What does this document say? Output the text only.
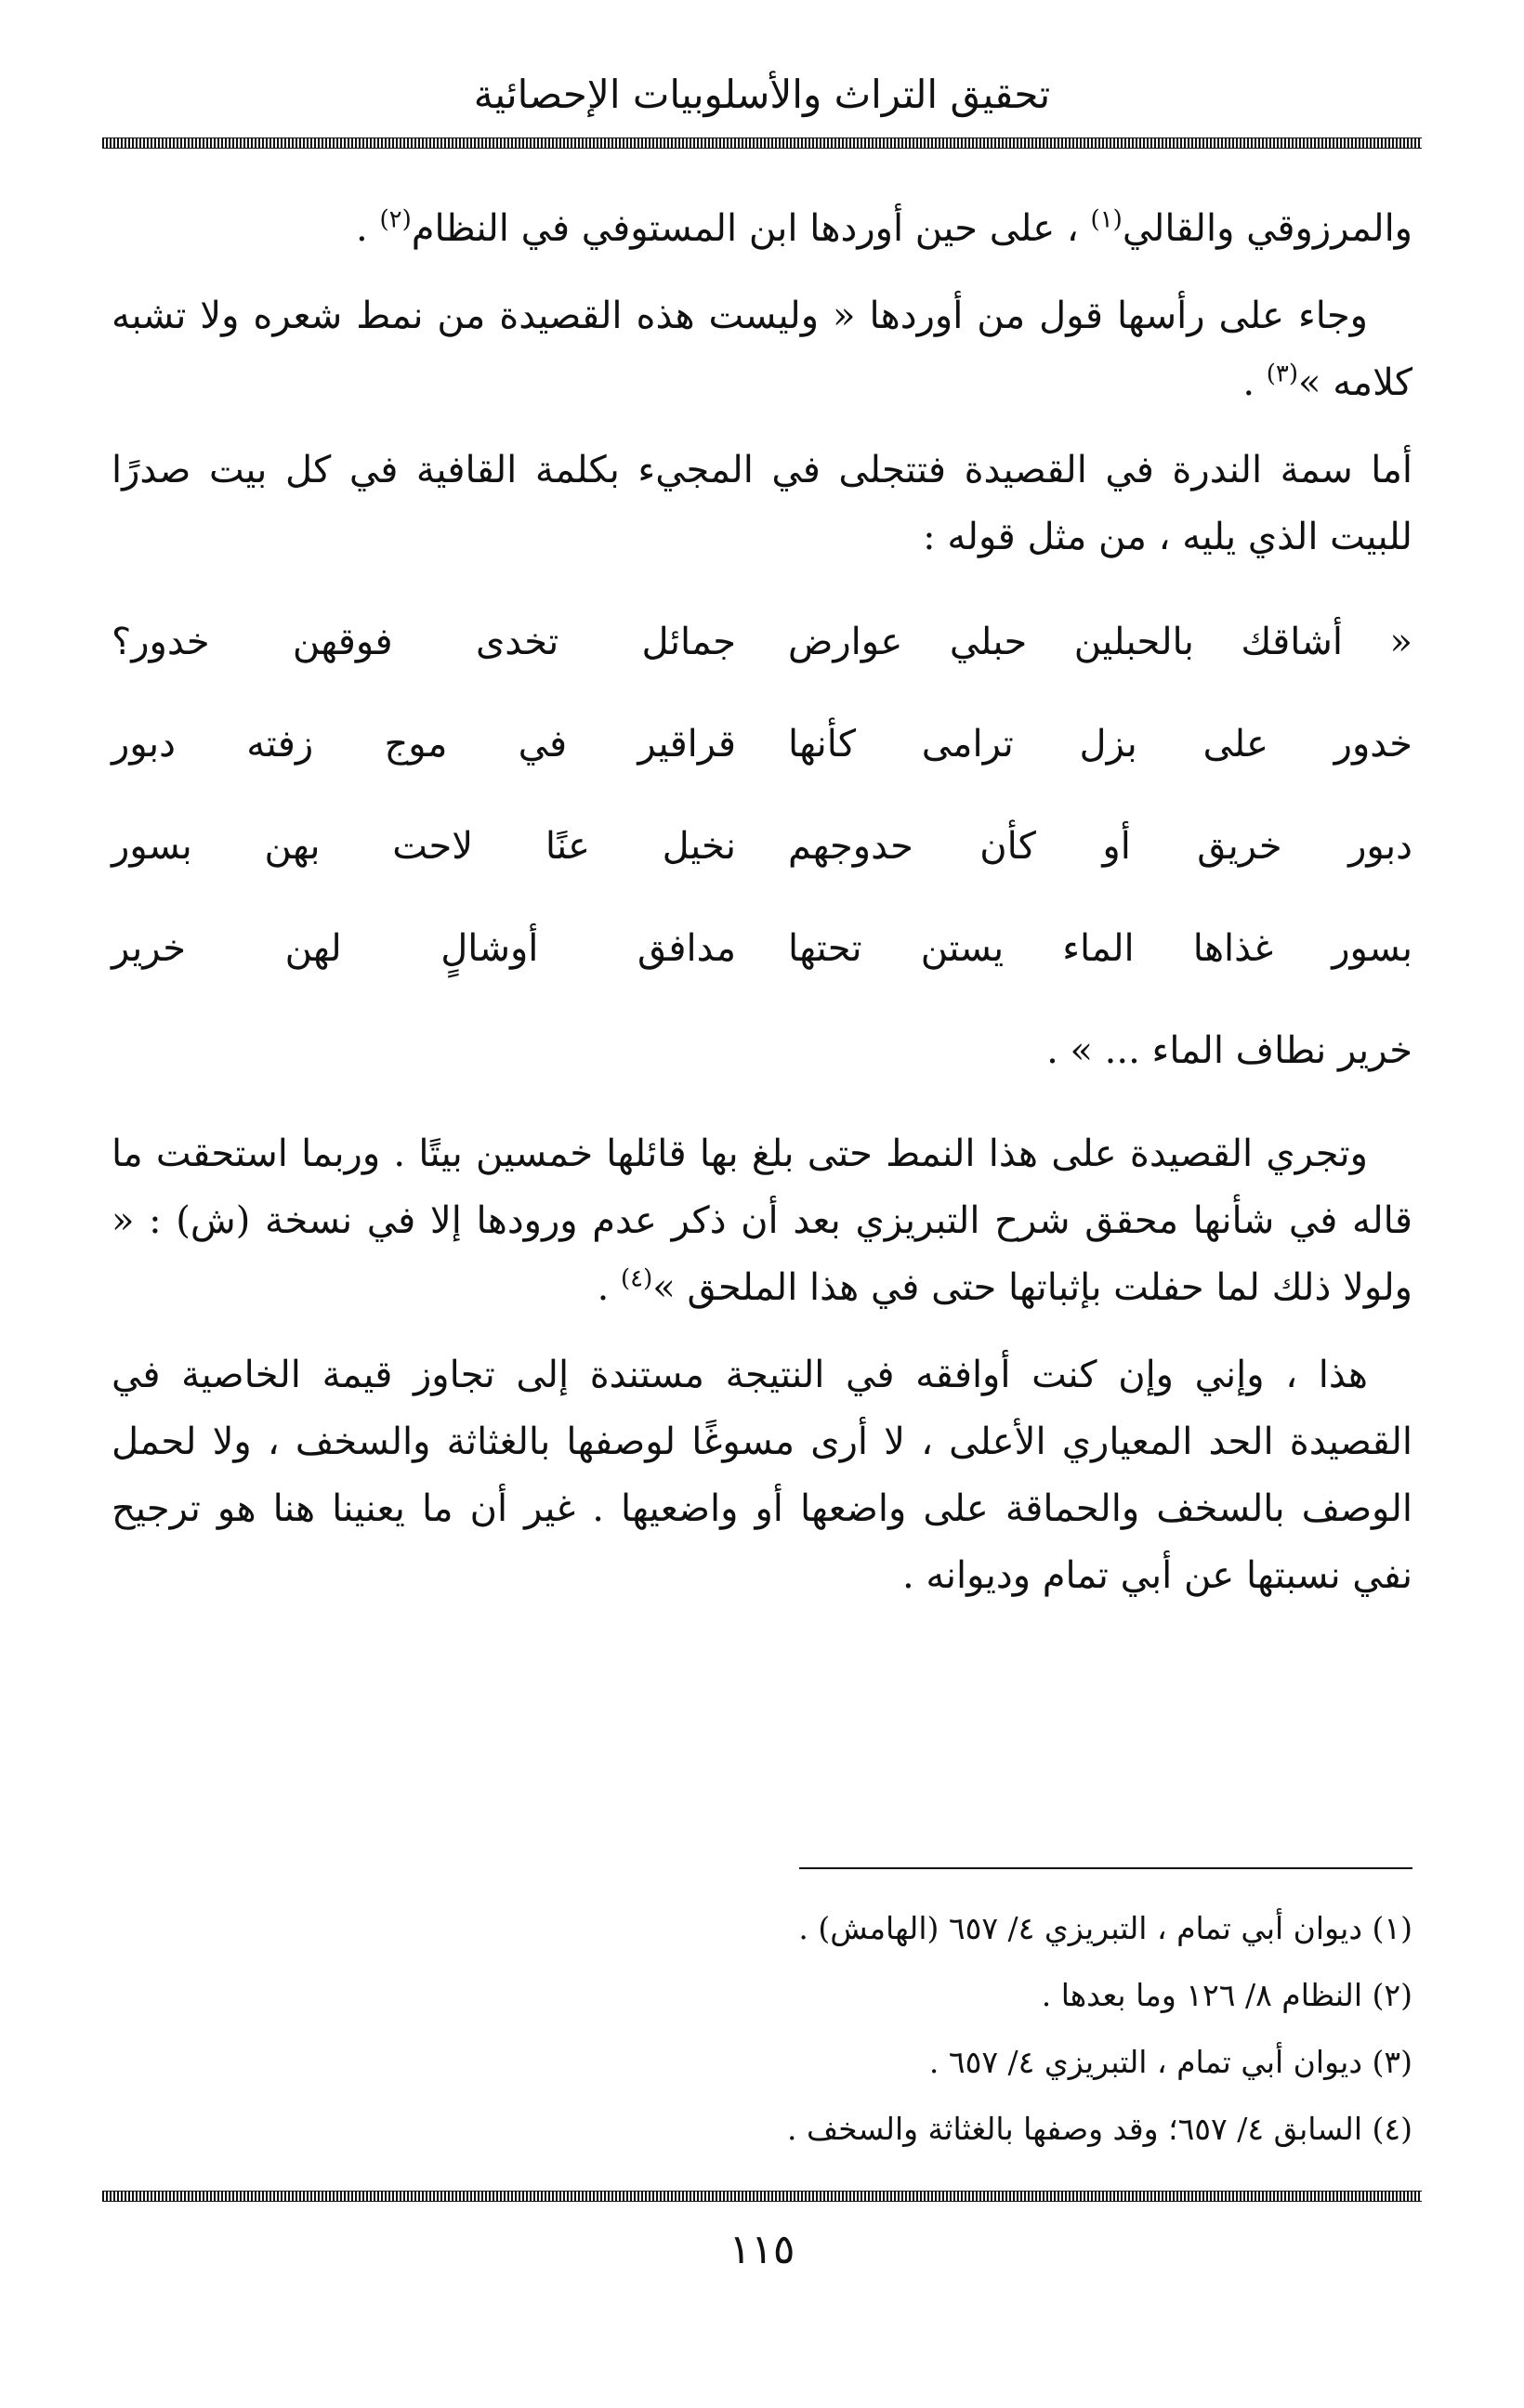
تحقيق التراث والأسلوبيات الإحصائية

والمرزوقي والقالي$^{(١)}$ ، على حين أوردها ابن المستوفي في النظام$^{(٢)}$ .

وجاء على رأسها قول من أوردها « وليست هذه القصيدة من نمط شعره ولا تشبه كلامه »$^{(٣)}$ .

أما سمة الندرة في القصيدة فتتجلى في المجيء بكلمة القافية في كل بيت صدرًا للبيت الذي يليه ، من مثل قوله :

« أشاقك بالحبلين حبلي عوارض
جمائل تخدى فوقهن خدور؟
خدور على بزل ترامى كأنها
قراقير في موج زفته دبور
دبور خريق أو كأن حدوجهم
نخيل عنًا لاحت بهن بسور
بسور غذاها الماء يستن تحتها
مدافق أوشالٍ لهن خرير
خرير نطاف الماء ... » .

وتجري القصيدة على هذا النمط حتى بلغ بها قائلها خمسين بيتًا . وربما استحقت ما قاله في شأنها محقق شرح التبريزي بعد أن ذكر عدم ورودها إلا في نسخة (ش) : « ولولا ذلك لما حفلت بإثباتها حتى في هذا الملحق »$^{(٤)}$ .

هذا ، وإني وإن كنت أوافقه في النتيجة مستندة إلى تجاوز قيمة الخاصية في القصيدة الحد المعياري الأعلى ، لا أرى مسوغًا لوصفها بالغثاثة والسخف ، ولا لحمل الوصف بالسخف والحماقة على واضعها أو واضعيها . غير أن ما يعنينا هنا هو ترجيح نفي نسبتها عن أبي تمام وديوانه .

(١) ديوان أبي تمام ، التبريزي ٤/ ٦٥٧ (الهامش) .
(٢) النظام ٨/ ١٢٦ وما بعدها .
(٣) ديوان أبي تمام ، التبريزي ٤/ ٦٥٧ .
(٤) السابق ٤/ ٦٥٧؛ وقد وصفها بالغثاثة والسخف .
١١٥
